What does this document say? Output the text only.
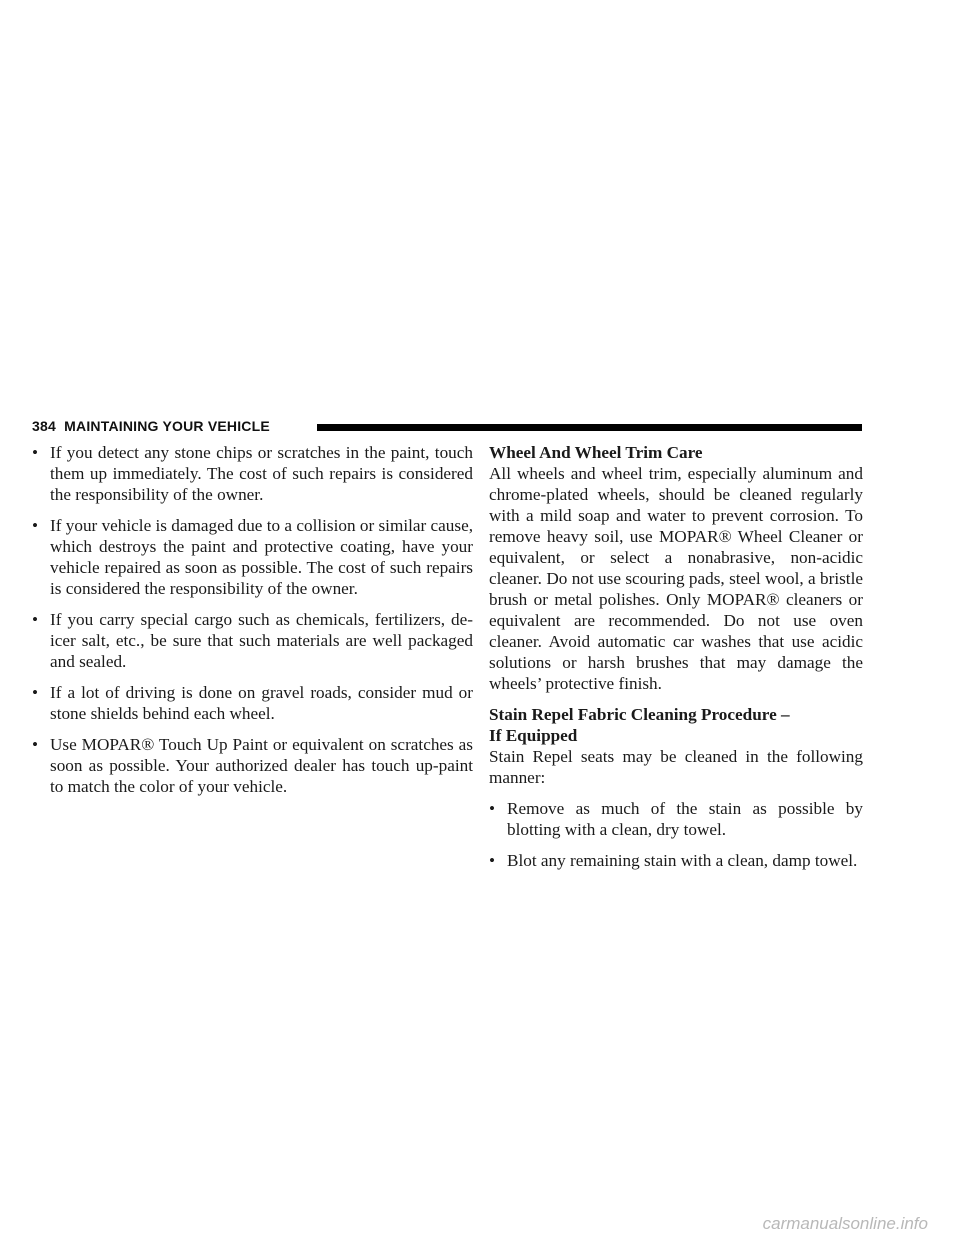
384 MAINTAINING YOUR VEHICLE
• If you detect any stone chips or scratches in the paint, touch them up immediately. The cost of such repairs is considered the responsibility of the owner.
• If your vehicle is damaged due to a collision or similar cause, which destroys the paint and protective coating, have your vehicle repaired as soon as possible. The cost of such repairs is considered the responsibility of the owner.
• If you carry special cargo such as chemicals, fertilizers, de-icer salt, etc., be sure that such materials are well packaged and sealed.
• If a lot of driving is done on gravel roads, consider mud or stone shields behind each wheel.
• Use MOPAR® Touch Up Paint or equivalent on scratches as soon as possible. Your authorized dealer has touch up-paint to match the color of your vehicle.

Wheel And Wheel Trim Care

All wheels and wheel trim, especially aluminum and chrome-plated wheels, should be cleaned regularly with a mild soap and water to prevent corrosion. To remove heavy soil, use MOPAR® Wheel Cleaner or equivalent, or select a nonabrasive, non-acidic cleaner. Do not use scouring pads, steel wool, a bristle brush or metal polishes. Only MOPAR® cleaners or equivalent are recommended. Do not use oven cleaner. Avoid automatic car washes that use acidic solutions or harsh brushes that may damage the wheels’ protective finish.

Stain Repel Fabric Cleaning Procedure –

If Equipped

Stain Repel seats may be cleaned in the following manner:

• Remove as much of the stain as possible by blotting with a clean, dry towel.
• Blot any remaining stain with a clean, damp towel.
carmanualsonline.info
